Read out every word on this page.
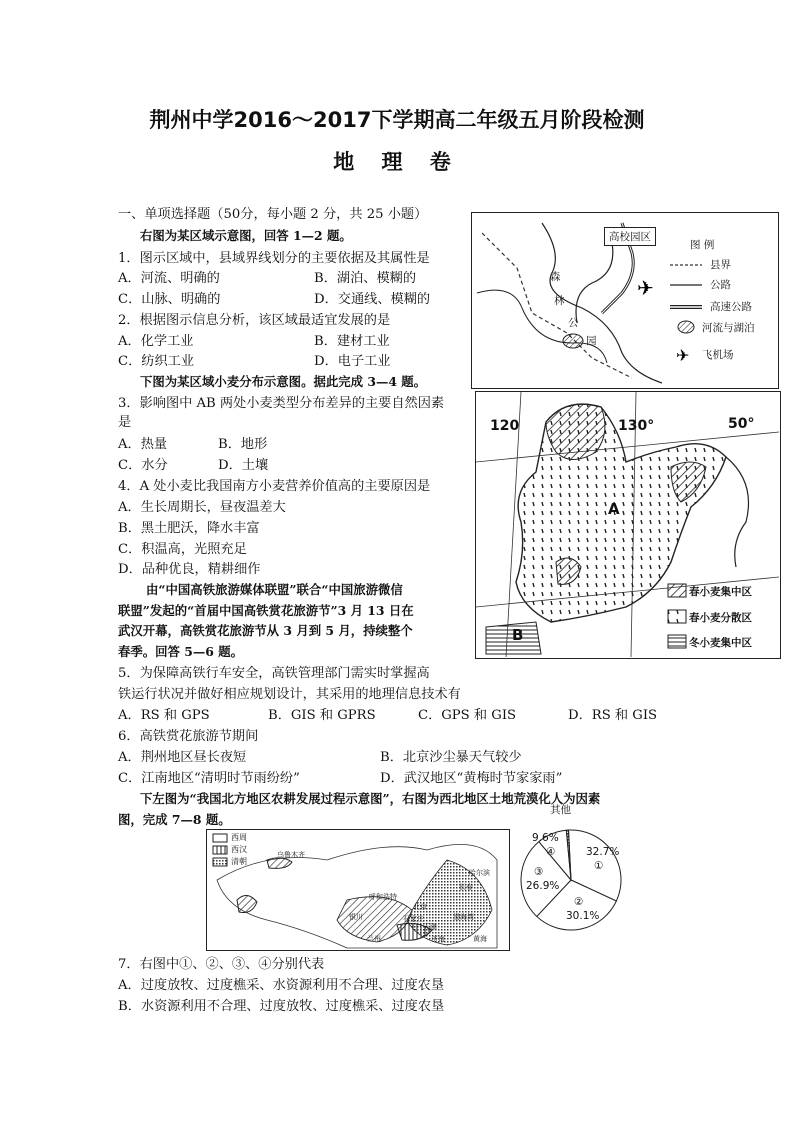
荆州中学2016～2017下学期高二年级五月阶段检测
地 理 卷
一、单项选择题（50分，每小题 2 分，共 25 小题）
右图为某区域示意图，回答 1—2 题。
1．图示区域中，县域界线划分的主要依据及其属性是
A．河流、明确的	B．湖泊、模糊的
C．山脉、明确的	D．交通线、模糊的
2．根据图示信息分析，该区域最适宜发展的是
A．化学工业	B．建材工业
C．纺织工业	D．电子工业
下图为某区域小麦分布示意图。据此完成 3—4 题。
3．影响图中 AB 两处小麦类型分布差异的主要自然因素
是
A．热量	B．地形
C．水分	D．土壤
4．A 处小麦比我国南方小麦营养价值高的主要原因是
A．生长周期长，昼夜温差大
B．黑土肥沃，降水丰富
C．积温高，光照充足
D．品种优良，精耕细作
由“中国高铁旅游媒体联盟”联合“中国旅游微信
联盟”发起的“首届中国高铁赏花旅游节”3 月 13 日在
武汉开幕，高铁赏花旅游节从 3 月到 5 月，持续整个
春季。回答 5—6 题。
5．为保障高铁行车安全，高铁管理部门需实时掌握高
铁运行状况并做好相应规划设计，其采用的地理信息技术有
A．RS 和 GPS	B．GIS 和 GPRS	C．GPS 和 GIS	D．RS 和 GIS
6．高铁赏花旅游节期间
A．荆州地区昼长夜短	B．北京沙尘暴天气较少
C．江南地区“清明时节雨纷纷”	D．武汉地区“黄梅时节家家雨”
下左图为“我国北方地区农耕发展过程示意图”，右图为西北地区土地荒漠化人为因素
图，完成 7—8 题。
7．右图中①、②、③、④分别代表
A．过度放牧、过度樵采、水资源利用不合理、过度农垦
B．水资源利用不合理、过度放牧、过度樵采、过度农垦
✈
✈
高校园区
森
林
公
园
图 例
县界
公路
高速公路
河流与湖泊
飞机场
120	130°	50°
A
B
春小麦集中区
春小麦分散区
冬小麦集中区
西周
西汉
清朝
乌鲁木齐
哈尔滨
长春
呼和浩特
北京
银川	石家庄
天津
渤海湾
兰州	济南	黄海
其他
32.7%
①
②
30.1%
③
26.9%
9.6%
④
